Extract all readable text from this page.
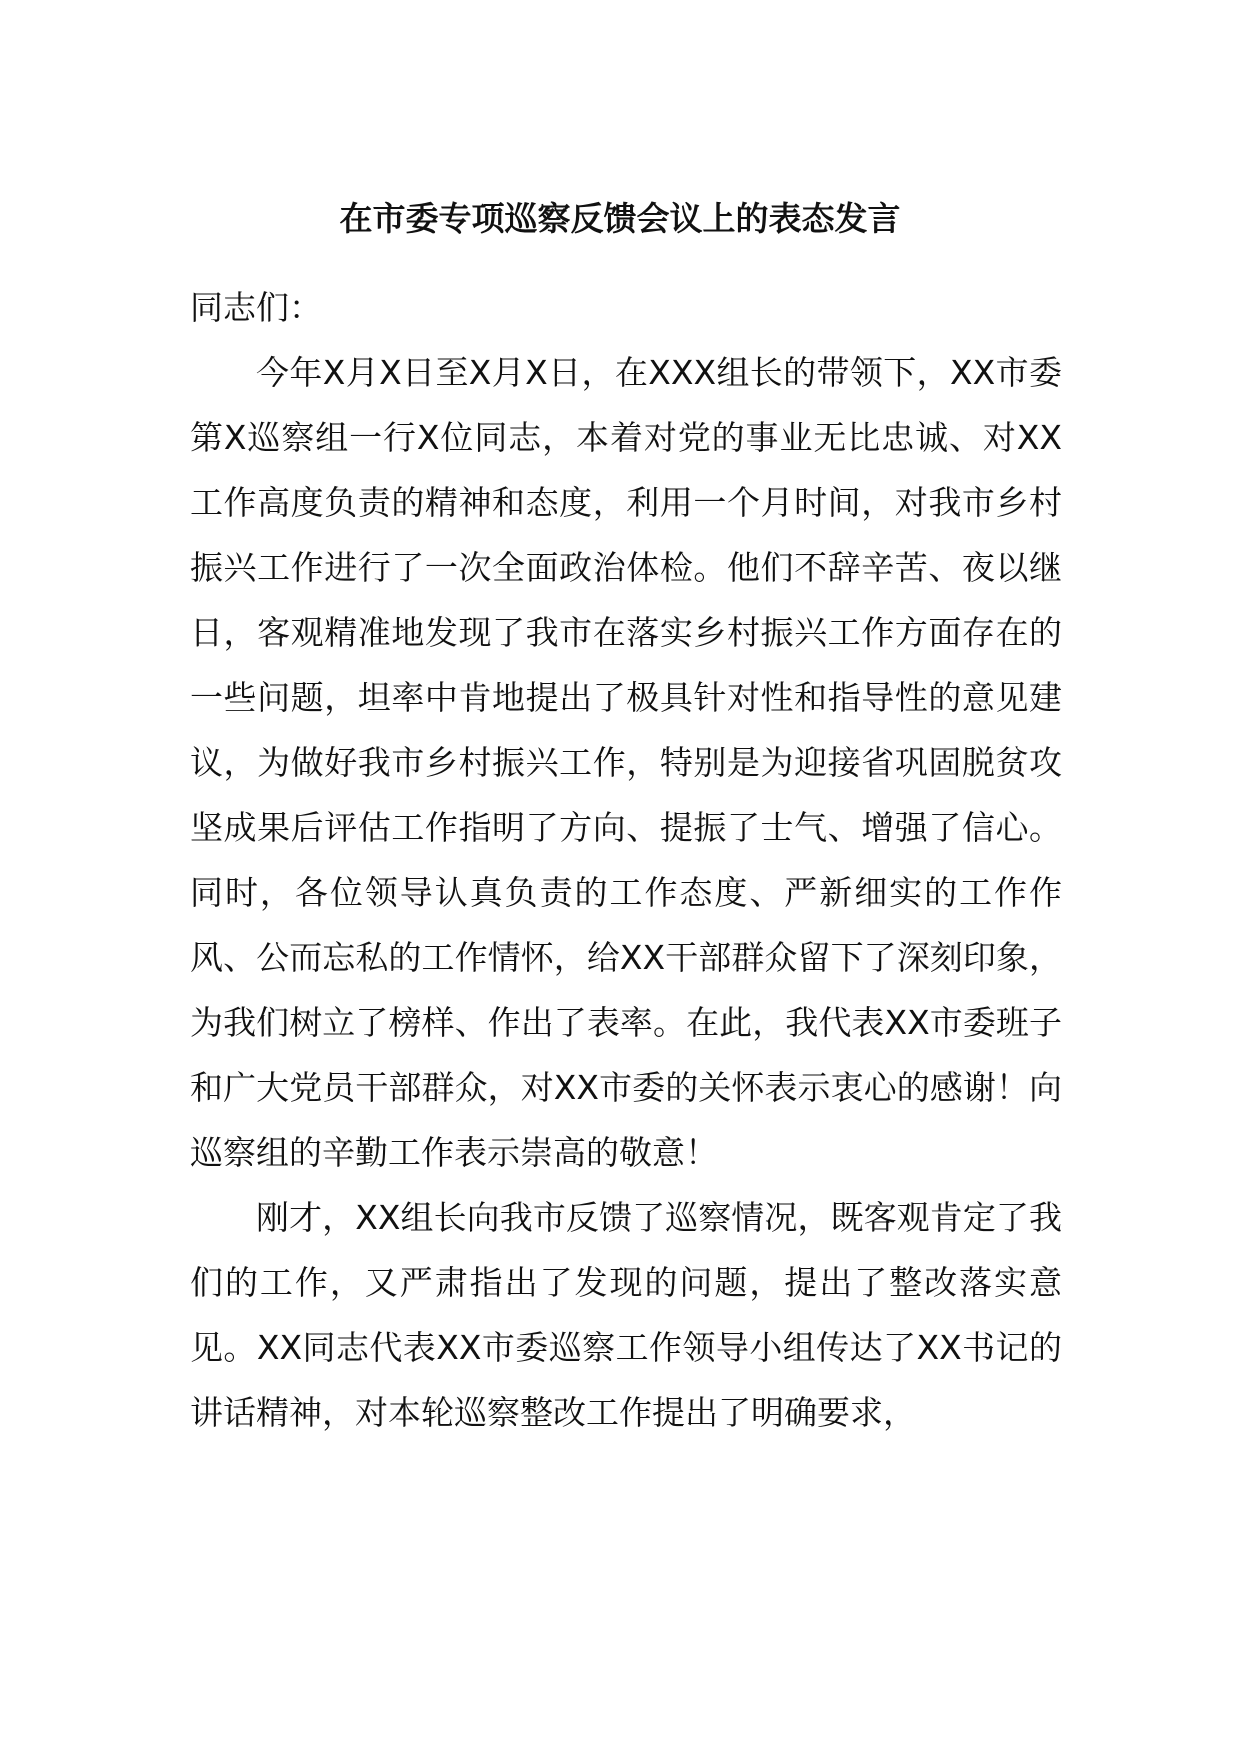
在市委专项巡察反馈会议上的表态发言

同志们：

今年X月X日至X月X日，在XXX组长的带领下，XX市委第X巡察组一行X位同志，本着对党的事业无比忠诚、对XX工作高度负责的精神和态度，利用一个月时间，对我市乡村振兴工作进行了一次全面政治体检。他们不辞辛苦、夜以继日，客观精准地发现了我市在落实乡村振兴工作方面存在的一些问题，坦率中肯地提出了极具针对性和指导性的意见建议，为做好我市乡村振兴工作，特别是为迎接省巩固脱贫攻坚成果后评估工作指明了方向、提振了士气、增强了信心。同时，各位领导认真负责的工作态度、严新细实的工作作风、公而忘私的工作情怀，给XX干部群众留下了深刻印象，为我们树立了榜样、作出了表率。在此，我代表XX市委班子和广大党员干部群众，对XX市委的关怀表示衷心的感谢！向巡察组的辛勤工作表示崇高的敬意！

刚才，XX组长向我市反馈了巡察情况，既客观肯定了我们的工作，又严肃指出了发现的问题，提出了整改落实意见。XX同志代表XX市委巡察工作领导小组传达了XX书记的讲话精神，对本轮巡察整改工作提出了明确要求，
